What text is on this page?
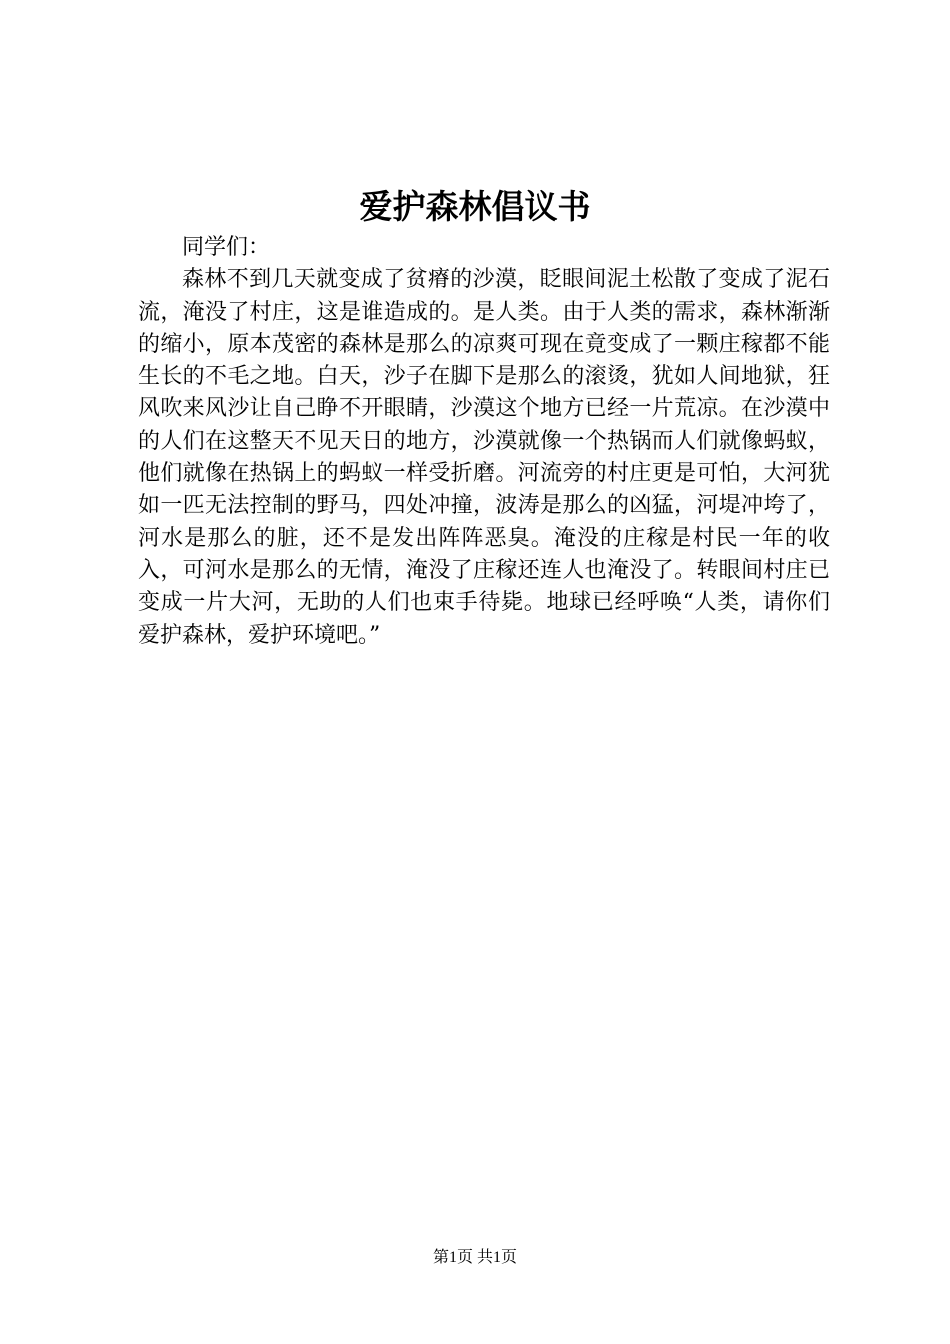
爱护森林倡议书

同学们：

森林不到几天就变成了贫瘠的沙漠，眨眼间泥土松散了变成了泥石流，淹没了村庄，这是谁造成的。是人类。由于人类的需求，森林渐渐的缩小，原本茂密的森林是那么的凉爽可现在竟变成了一颗庄稼都不能生长的不毛之地。白天，沙子在脚下是那么的滚烫，犹如人间地狱，狂风吹来风沙让自己睁不开眼睛，沙漠这个地方已经一片荒凉。在沙漠中的人们在这整天不见天日的地方，沙漠就像一个热锅而人们就像蚂蚁，他们就像在热锅上的蚂蚁一样受折磨。河流旁的村庄更是可怕，大河犹如一匹无法控制的野马，四处冲撞，波涛是那么的凶猛，河堤冲垮了，河水是那么的脏，还不是发出阵阵恶臭。淹没的庄稼是村民一年的收入，可河水是那么的无情，淹没了庄稼还连人也淹没了。转眼间村庄已变成一片大河，无助的人们也束手待毙。地球已经呼唤“人类，请你们爱护森林，爱护环境吧。”

第1页 共1页
